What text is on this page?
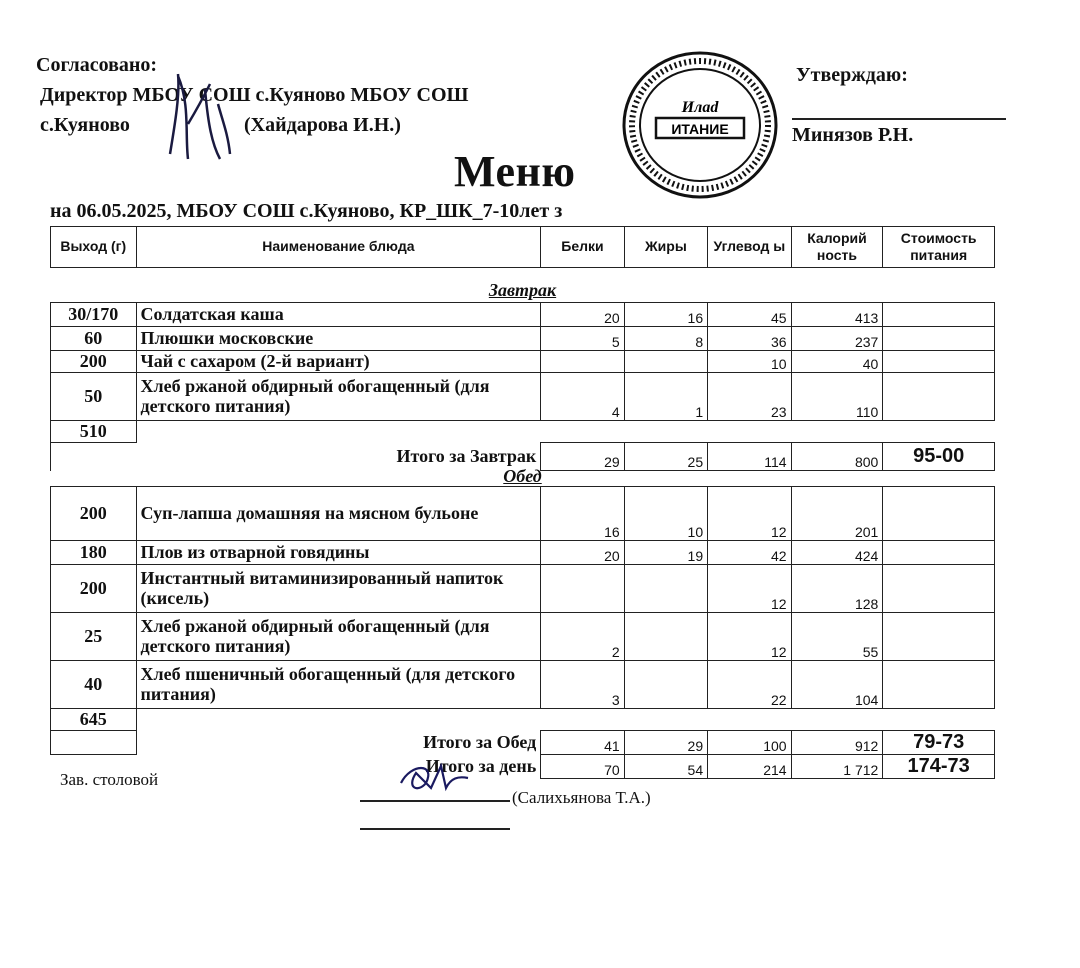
Согласовано:
Директор МБОУ СОШ с.Куяново МБОУ СОШ
с.Куяново	(Хайдарова И.Н.)
Утверждаю:
Минязов Р.Н.
ИТАНИЕ
Илаd
Меню
на 06.05.2025, МБОУ СОШ с.Куяново, КР_ШК_7-10лет з
Выход (г)	Наименование блюда	Белки	Жиры	Углевод ы	Калорий ность	Стоимость питания
Завтрак
30/170	Солдатская каша	20	16	45	413	
60	Плюшки московские	5	8	36	237	
200	Чай с сахаром (2-й вариант)			10	40	
50	Хлеб ржаной обдирный обогащенный (для детского питания)	4	1	23	110	
510						
	Итого за Завтрак	29	25	114	800	95-00
Обед
200	Суп-лапша домашняя на мясном бульоне	16	10	12	201	
180	Плов из отварной говядины	20	19	42	424	
200	Инстантный витаминизированный напиток (кисель)			12	128	
25	Хлеб ржаной обдирный обогащенный (для детского питания)	2		12	55	
40	Хлеб пшеничный обогащенный (для детского питания)	3		22	104	
645						
	Итого за Обед	41	29	100	912	79-73
	Итого за день	70	54	214	1 712	174-73
Зав. столовой
(Салихьянова Т.А.)
